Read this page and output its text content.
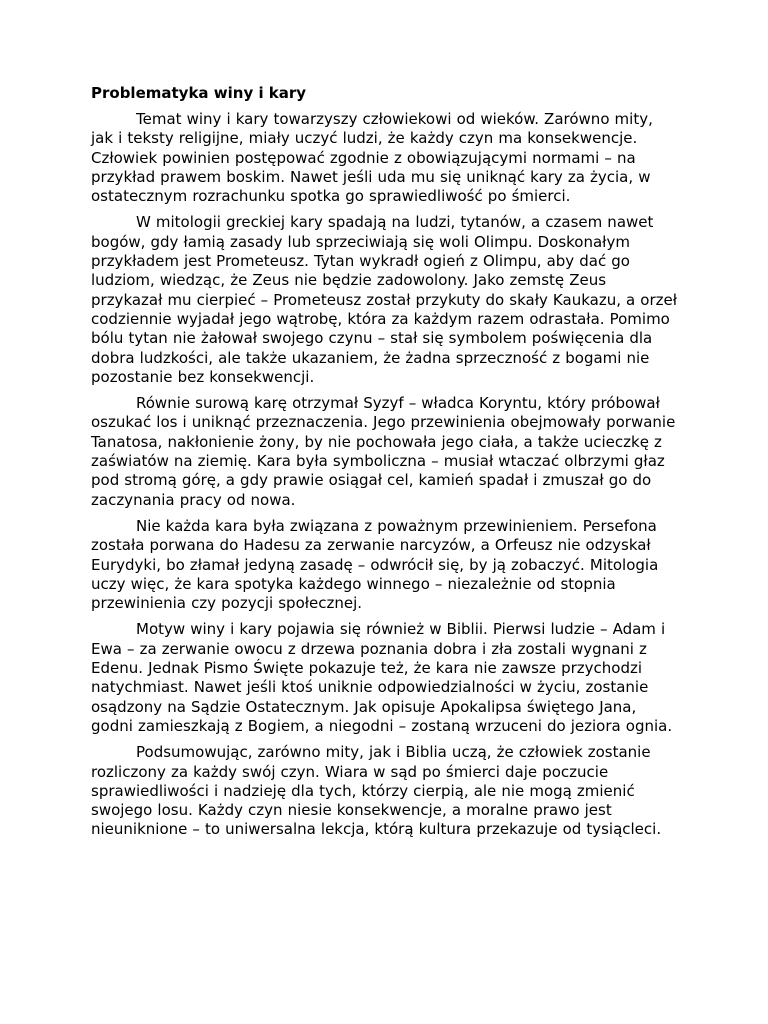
Problematyka winy i kary

Temat winy i kary towarzyszy człowiekowi od wieków. Zarówno mity, jak i teksty religijne, miały uczyć ludzi, że każdy czyn ma konsekwencje. Człowiek powinien postępować zgodnie z obowiązującymi normami – na przykład prawem boskim. Nawet jeśli uda mu się uniknąć kary za życia, w ostatecznym rozrachunku spotka go sprawiedliwość po śmierci.

W mitologii greckiej kary spadają na ludzi, tytanów, a czasem nawet bogów, gdy łamią zasady lub sprzeciwiają się woli Olimpu. Doskonałym przykładem jest Prometeusz. Tytan wykradł ogień z Olimpu, aby dać go ludziom, wiedząc, że Zeus nie będzie zadowolony. Jako zemstę Zeus przykazał mu cierpieć – Prometeusz został przykuty do skały Kaukazu, a orzeł codziennie wyjadał jego wątrobę, która za każdym razem odrastała. Pomimo bólu tytan nie żałował swojego czynu – stał się symbolem poświęcenia dla dobra ludzkości, ale także ukazaniem, że żadna sprzeczność z bogami nie pozostanie bez konsekwencji.

Równie surową karę otrzymał Syzyf – władca Koryntu, który próbował oszukać los i uniknąć przeznaczenia. Jego przewinienia obejmowały porwanie Tanatosa, nakłonienie żony, by nie pochowała jego ciała, a także ucieczkę z zaświatów na ziemię. Kara była symboliczna – musiał wtaczać olbrzymi głaz pod stromą górę, a gdy prawie osiągał cel, kamień spadał i zmuszał go do zaczynania pracy od nowa.

Nie każda kara była związana z poważnym przewinieniem. Persefona została porwana do Hadesu za zerwanie narcyzów, a Orfeusz nie odzyskał Eurydyki, bo złamał jedyną zasadę – odwrócił się, by ją zobaczyć. Mitologia uczy więc, że kara spotyka każdego winnego – niezależnie od stopnia przewinienia czy pozycji społecznej.

Motyw winy i kary pojawia się również w Biblii. Pierwsi ludzie – Adam i Ewa – za zerwanie owocu z drzewa poznania dobra i zła zostali wygnani z Edenu. Jednak Pismo Święte pokazuje też, że kara nie zawsze przychodzi natychmiast. Nawet jeśli ktoś uniknie odpowiedzialności w życiu, zostanie osądzony na Sądzie Ostatecznym. Jak opisuje Apokalipsa świętego Jana, godni zamieszkają z Bogiem, a niegodni – zostaną wrzuceni do jeziora ognia.

Podsumowując, zarówno mity, jak i Biblia uczą, że człowiek zostanie rozliczony za każdy swój czyn. Wiara w sąd po śmierci daje poczucie sprawiedliwości i nadzieję dla tych, którzy cierpią, ale nie mogą zmienić swojego losu. Każdy czyn niesie konsekwencje, a moralne prawo jest nieuniknione – to uniwersalna lekcja, którą kultura przekazuje od tysiącleci.
